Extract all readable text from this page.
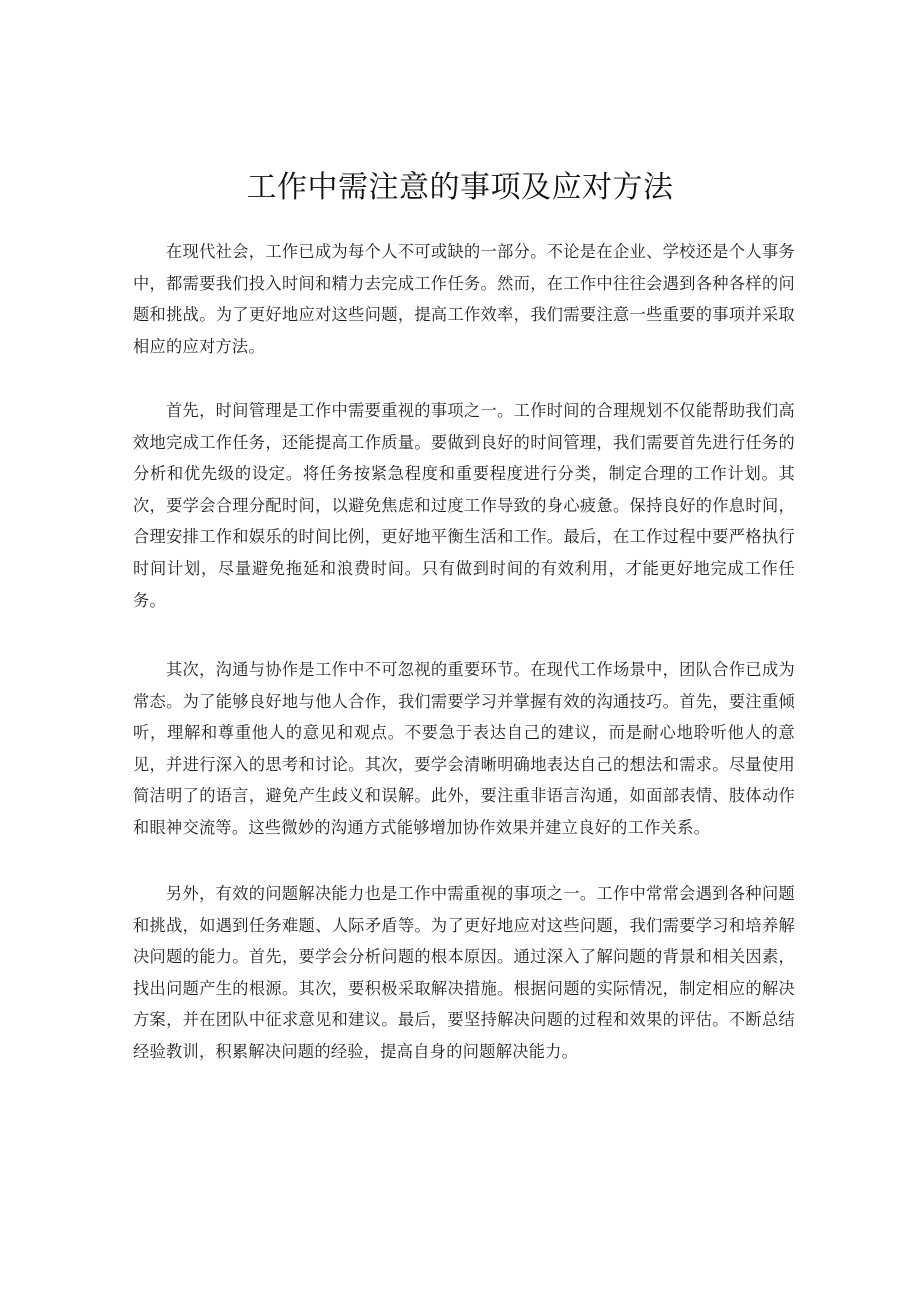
工作中需注意的事项及应对方法

在现代社会，工作已成为每个人不可或缺的一部分。不论是在企业、学校还是个人事务中，都需要我们投入时间和精力去完成工作任务。然而，在工作中往往会遇到各种各样的问题和挑战。为了更好地应对这些问题，提高工作效率，我们需要注意一些重要的事项并采取相应的应对方法。

首先，时间管理是工作中需要重视的事项之一。工作时间的合理规划不仅能帮助我们高效地完成工作任务，还能提高工作质量。要做到良好的时间管理，我们需要首先进行任务的分析和优先级的设定。将任务按紧急程度和重要程度进行分类，制定合理的工作计划。其次，要学会合理分配时间，以避免焦虑和过度工作导致的身心疲惫。保持良好的作息时间，合理安排工作和娱乐的时间比例，更好地平衡生活和工作。最后，在工作过程中要严格执行时间计划，尽量避免拖延和浪费时间。只有做到时间的有效利用，才能更好地完成工作任务。

其次，沟通与协作是工作中不可忽视的重要环节。在现代工作场景中，团队合作已成为常态。为了能够良好地与他人合作，我们需要学习并掌握有效的沟通技巧。首先，要注重倾听，理解和尊重他人的意见和观点。不要急于表达自己的建议，而是耐心地聆听他人的意见，并进行深入的思考和讨论。其次，要学会清晰明确地表达自己的想法和需求。尽量使用简洁明了的语言，避免产生歧义和误解。此外，要注重非语言沟通，如面部表情、肢体动作和眼神交流等。这些微妙的沟通方式能够增加协作效果并建立良好的工作关系。

另外，有效的问题解决能力也是工作中需重视的事项之一。工作中常常会遇到各种问题和挑战，如遇到任务难题、人际矛盾等。为了更好地应对这些问题，我们需要学习和培养解决问题的能力。首先，要学会分析问题的根本原因。通过深入了解问题的背景和相关因素，找出问题产生的根源。其次，要积极采取解决措施。根据问题的实际情况，制定相应的解决方案，并在团队中征求意见和建议。最后，要坚持解决问题的过程和效果的评估。不断总结经验教训，积累解决问题的经验，提高自身的问题解决能力。
